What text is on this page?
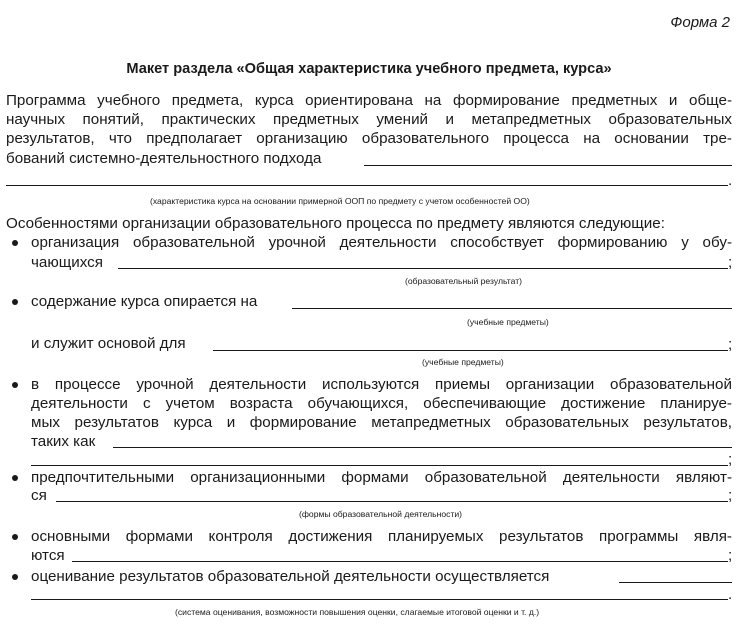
Форма 2
Макет раздела «Общая характеристика учебного предмета, курса»
Программа учебного предмета, курса ориентирована на формирование предметных и обще-
научных понятий, практических предметных умений и метапредметных образовательных
результатов, что предполагает организацию образовательного процесса на основании тре-
бований системно-деятельностного подхода
.
(характеристика курса на основании примерной ООП по предмету с учетом особенностей ОО)
Особенностями организации образовательного процесса по предмету являются следующие:
организация образовательной урочной деятельности способствует формированию у обу-
чающихся	;
(образовательный результат)
содержание курса опирается на
(учебные предметы)
и служит основой для	;
(учебные предметы)
в процессе урочной деятельности используются приемы организации образовательной
деятельности с учетом возраста обучающихся, обеспечивающие достижение планируе-
мых результатов курса и формирование метапредметных образовательных результатов,
таких как
;
предпочтительными организационными формами образовательной деятельности являют-
ся	;
(формы образовательной деятельности)
основными формами контроля достижения планируемых результатов программы явля-
ются	;
оценивание результатов образовательной деятельности осуществляется
.
(система оценивания, возможности повышения оценки, слагаемые итоговой оценки и т. д.)
